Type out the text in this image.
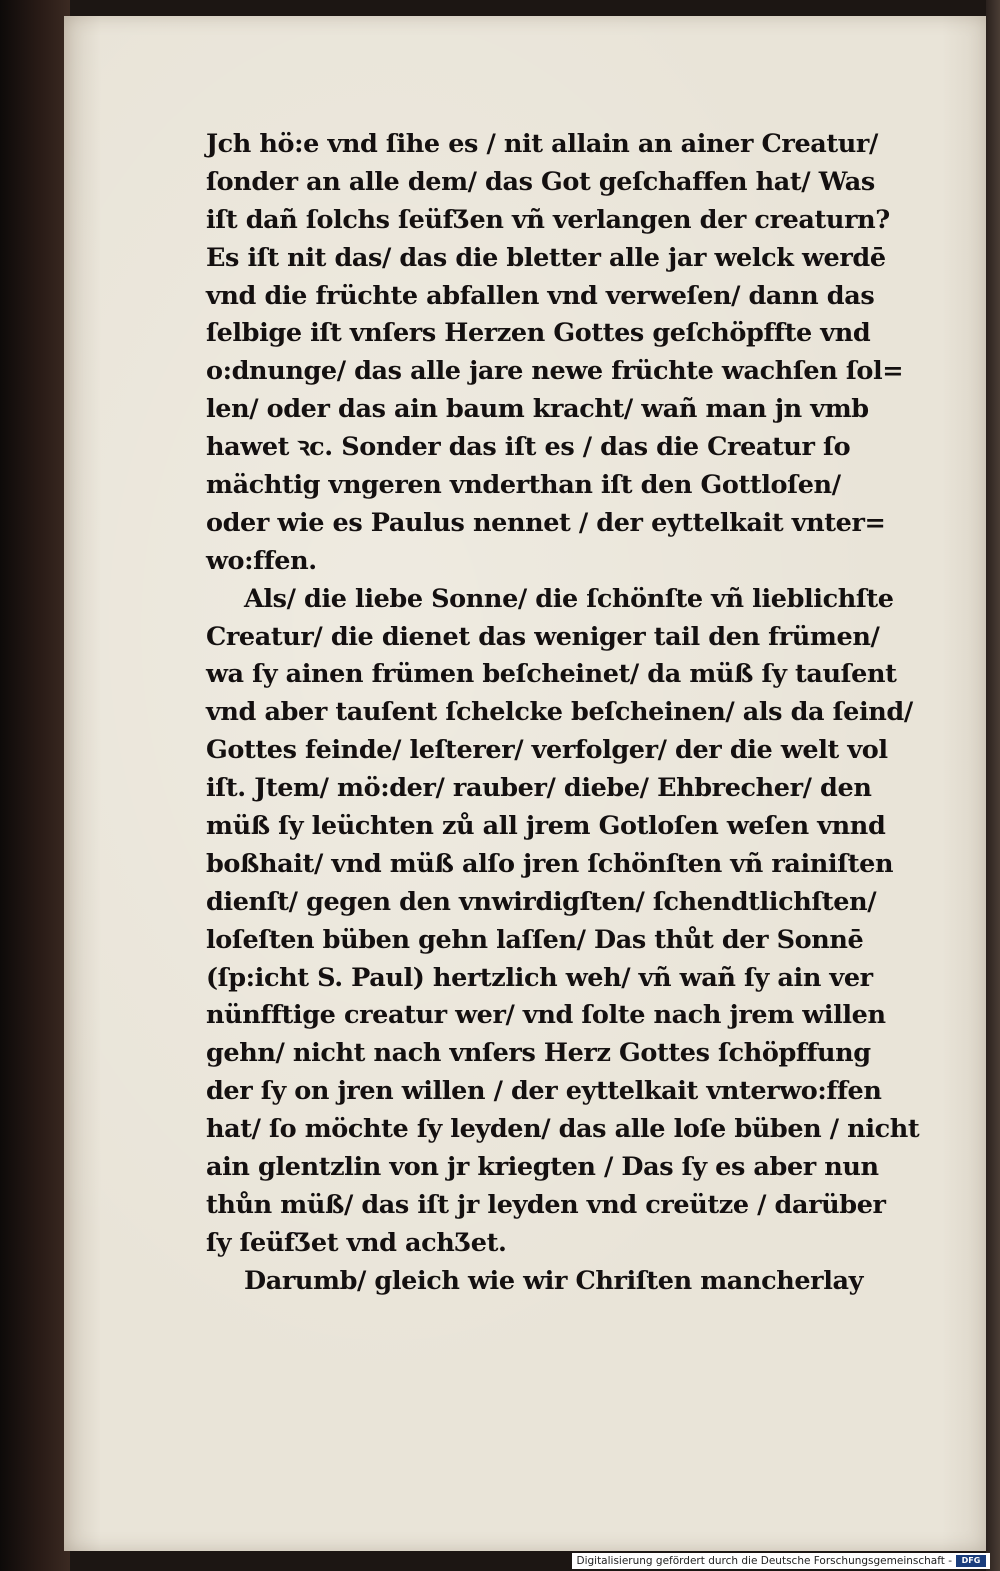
Jch hö:e vnd ſihe es / nit allain an ainer Creatur/
ſonder an alle dem/ das Got geſchaffen hat/ Was
iſt dañ ſolchs ſeüfƷen vñ verlangen der creaturn?
Es iſt nit das/ das die bletter alle jar welck werdē
vnd die früchte abfallen vnd verweſen/ dann das
ſelbige iſt vnſers Herzen Gottes geſchöpffte vnd
o:dnunge/ das alle jare newe früchte wachſen ſol=
len/ oder das ain baum kracht/ wañ man jn vmb
hawet ꝛc. Sonder das iſt es / das die Creatur ſo
mächtig vngeren vnderthan iſt den Gottloſen/
oder wie es Paulus nennet / der eyttelkait vnter=
wo:ffen.
Als/ die liebe Sonne/ die ſchönſte vñ lieblichſte
Creatur/ die dienet das weniger tail den frümen/
wa ſy ainen frümen beſcheinet/ da müß ſy tauſent
vnd aber tauſent ſchelcke beſcheinen/ als da ſeind/
Gottes feinde/ leſterer/ verfolger/ der die welt vol
iſt. Jtem/ mö:der/ rauber/ diebe/ Ehbrecher/ den
müß ſy leüchten zů all jrem Gotloſen weſen vnnd
boßhait/ vnd müß alſo jren ſchönſten vñ rainiſten
dienſt/ gegen den vnwirdigſten/ ſchendtlichſten/
loſeſten büben gehn laſſen/ Das thůt der Sonnē
(ſp:icht S. Paul) hertzlich weh/ vñ wañ ſy ain ver
nünfftige creatur wer/ vnd ſolte nach jrem willen
gehn/ nicht nach vnſers Herz Gottes ſchöpffung
der ſy on jren willen / der eyttelkait vnterwo:ffen
hat/ ſo möchte ſy leyden/ das alle loſe büben / nicht
ain glentzlin von jr kriegten / Das ſy es aber nun
thůn müß/ das iſt jr leyden vnd creütze / darüber
ſy ſeüfƷet vnd achƷet.
Darumb/ gleich wie wir Chriſten mancherlay
Digitalisierung gefördert durch die Deutsche Forschungsgemeinschaft -	DFG
